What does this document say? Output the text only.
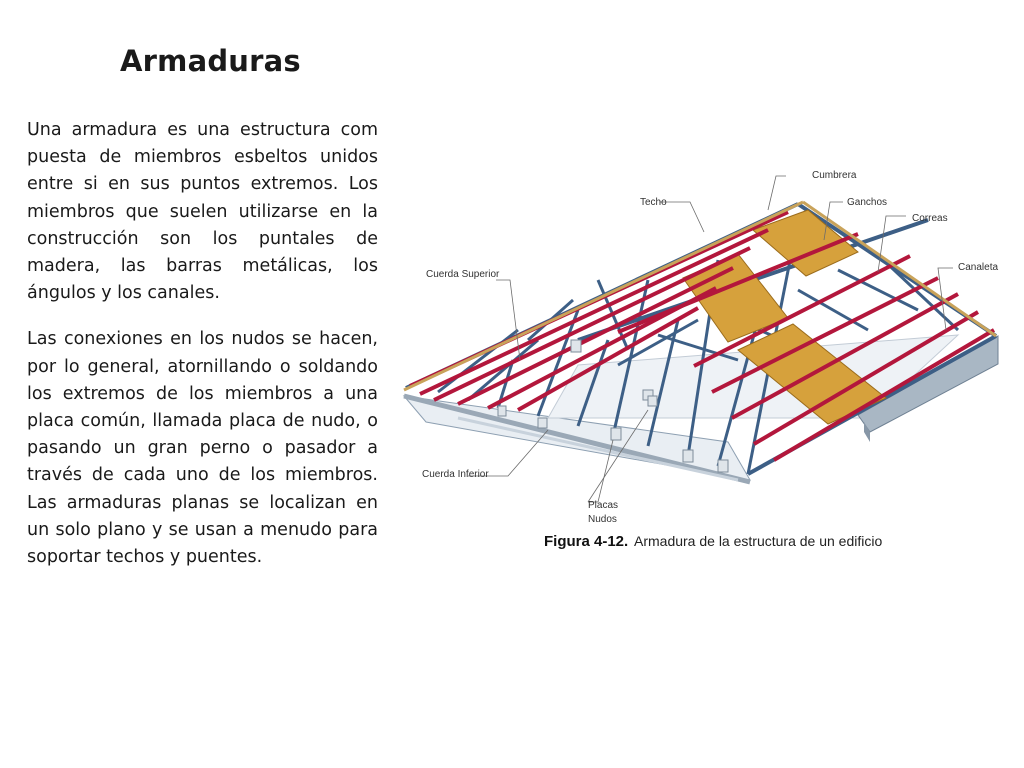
Armaduras

Una armadura es una estructura com puesta de miembros esbeltos unidos entre si en sus puntos extremos. Los miembros que suelen utilizarse en la construcción son los puntales de madera, las barras metálicas, los ángulos y los canales.

Las conexiones en los nudos se hacen, por lo general, atornillando o soldando los extremos de los miembros a una placa común, llamada placa de nudo, o pasando un gran perno o pasador a través de cada uno de los miembros. Las armaduras planas se localizan en un solo plano y se usan a menudo para soportar techos y puentes.

Cumbrera
Techo	Ganchos
Correas
Canaleta
Cuerda Superior
Cuerda Inferior
Placas
Nudos
Figura 4-12. Armadura de la estructura de un edificio
